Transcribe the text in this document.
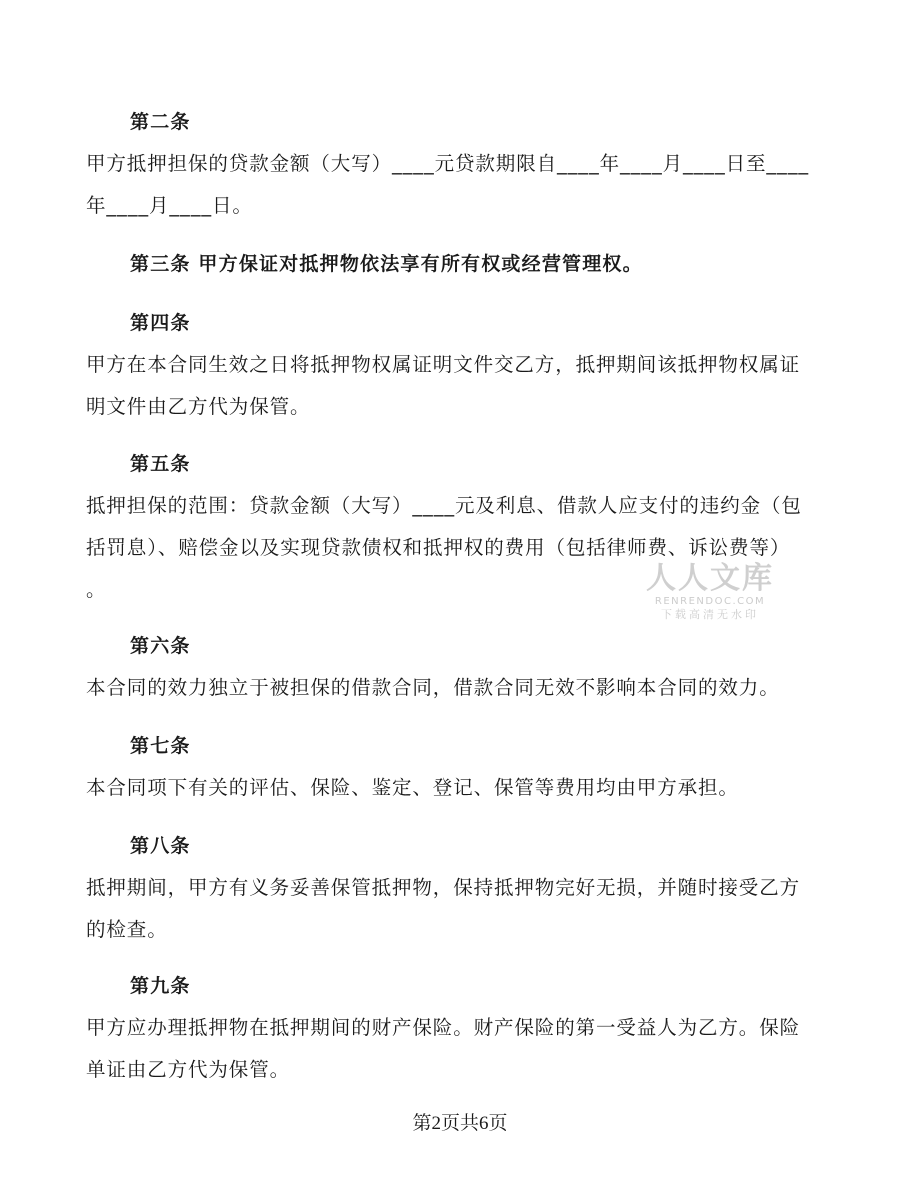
第二条
甲方抵押担保的贷款金额（大写）____元贷款期限自____年____月____日至____
年____月____日。
第三条 甲方保证对抵押物依法享有所有权或经营管理权。
第四条
甲方在本合同生效之日将抵押物权属证明文件交乙方，抵押期间该抵押物权属证
明文件由乙方代为保管。
第五条
抵押担保的范围：贷款金额（大写）____元及利息、借款人应支付的违约金（包
括罚息）、赔偿金以及实现贷款债权和抵押权的费用（包括律师费、诉讼费等）
。	人人文库
RENRENDOC.COM
下载高清无水印
第六条
本合同的效力独立于被担保的借款合同，借款合同无效不影响本合同的效力。
第七条
本合同项下有关的评估、保险、鉴定、登记、保管等费用均由甲方承担。
第八条
抵押期间，甲方有义务妥善保管抵押物，保持抵押物完好无损，并随时接受乙方
的检查。
第九条
甲方应办理抵押物在抵押期间的财产保险。财产保险的第一受益人为乙方。保险
单证由乙方代为保管。
第2页共6页
